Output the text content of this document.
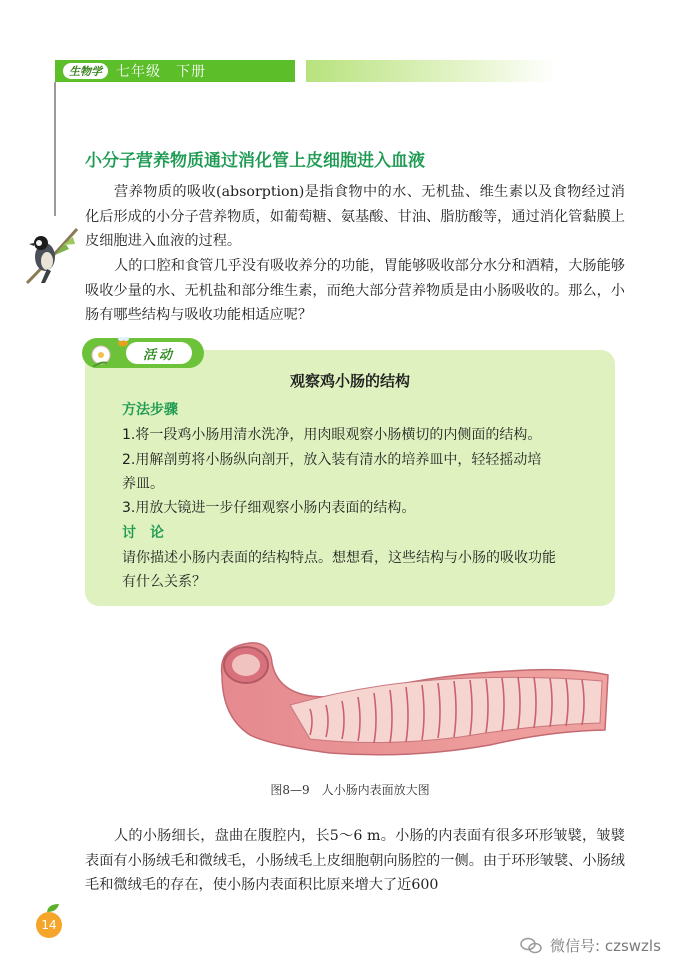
生物学	七年级　下册
小分子营养物质通过消化管上皮细胞进入血液
营养物质的吸收(absorption)是指食物中的水、无机盐、维生素以及食物经过消化后形成的小分子营养物质，如葡萄糖、氨基酸、甘油、脂肪酸等，通过消化管黏膜上皮细胞进入血液的过程。
人的口腔和食管几乎没有吸收养分的功能，胃能够吸收部分水分和酒精，大肠能够吸收少量的水、无机盐和部分维生素，而绝大部分营养物质是由小肠吸收的。那么，小肠有哪些结构与吸收功能相适应呢？
活动
观察鸡小肠的结构
方法步骤
1.将一段鸡小肠用清水洗净，用肉眼观察小肠横切的内侧面的结构。
2.用解剖剪将小肠纵向剖开，放入装有清水的培养皿中，轻轻摇动培
养皿。
3.用放大镜进一步仔细观察小肠内表面的结构。
讨论
请你描述小肠内表面的结构特点。想想看，这些结构与小肠的吸收功能
有什么关系？
图8—9　人小肠内表面放大图
人的小肠细长，盘曲在腹腔内，长5～6 m。小肠的内表面有很多环形皱襞，皱襞表面有小肠绒毛和微绒毛，小肠绒毛上皮细胞朝向肠腔的一侧。由于环形皱襞、小肠绒毛和微绒毛的存在，使小肠内表面积比原来增大了近600
14
微信号: czswzls
